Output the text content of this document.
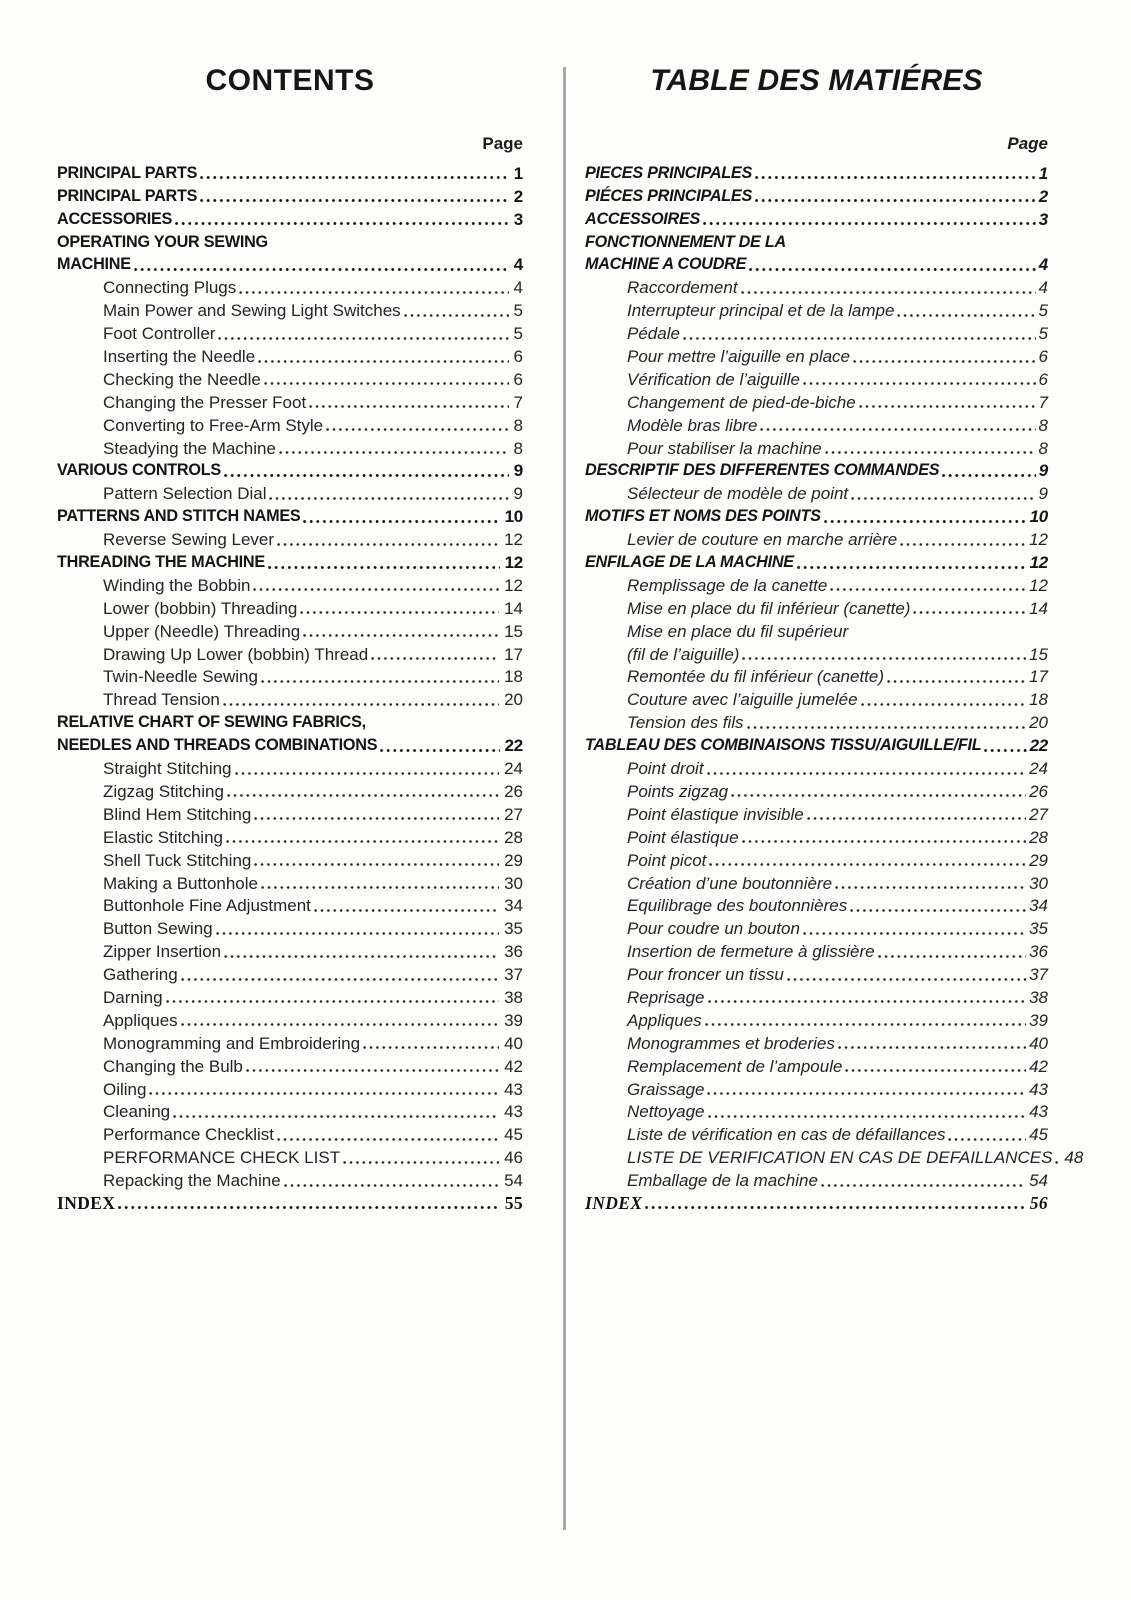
CONTENTS
Page
PRINCIPAL PARTS	1
PRINCIPAL PARTS	2
ACCESSORIES	3
OPERATING YOUR SEWING
MACHINE	4
Connecting Plugs	4
Main Power and Sewing Light Switches	5
Foot Controller	5
Inserting the Needle	6
Checking the Needle	6
Changing the Presser Foot	7
Converting to Free-Arm Style	8
Steadying the Machine	8
VARIOUS CONTROLS	9
Pattern Selection Dial	9
PATTERNS AND STITCH NAMES	10
Reverse Sewing Lever	12
THREADING THE MACHINE	12
Winding the Bobbin	12
Lower (bobbin) Threading	14
Upper (Needle) Threading	15
Drawing Up Lower (bobbin) Thread	17
Twin-Needle Sewing	18
Thread Tension	20
RELATIVE CHART OF SEWING FABRICS,
NEEDLES AND THREADS COMBINATIONS	22
Straight Stitching	24
Zigzag Stitching	26
Blind Hem Stitching	27
Elastic Stitching	28
Shell Tuck Stitching	29
Making a Buttonhole	30
Buttonhole Fine Adjustment	34
Button Sewing	35
Zipper Insertion	36
Gathering	37
Darning	38
Appliques	39
Monogramming and Embroidering	40
Changing the Bulb	42
Oiling	43
Cleaning	43
Performance Checklist	45
PERFORMANCE CHECK LIST	46
Repacking the Machine	54
INDEX	55
TABLE DES MATIÉRES
Page
PIECES PRINCIPALES	1
PIÉCES PRINCIPALES	2
ACCESSOIRES	3
FONCTIONNEMENT DE LA
MACHINE A COUDRE	4
Raccordement	4
Interrupteur principal et de la lampe	5
Pédale	5
Pour mettre l’aiguille en place	6
Vérification de l’aiguille	6
Changement de pied-de-biche	7
Modèle bras libre	8
Pour stabiliser la machine	8
DESCRIPTIF DES DIFFERENTES COMMANDES	9
Sélecteur de modèle de point	9
MOTIFS ET NOMS DES POINTS	10
Levier de couture en marche arrière	12
ENFILAGE DE LA MACHINE	12
Remplissage de la canette	12
Mise en place du fil inférieur (canette)	14
Mise en place du fil supérieur
(fil de l’aiguille)	15
Remontée du fil inférieur (canette)	17
Couture avec l’aiguille jumelée	18
Tension des fils	20
TABLEAU DES COMBINAISONS TISSU/AIGUILLE/FIL	22
Point droit	24
Points zigzag	26
Point élastique invisible	27
Point élastique	28
Point picot	29
Création d’une boutonnière	30
Equilibrage des boutonnières	34
Pour coudre un bouton	35
Insertion de fermeture à glissière	36
Pour froncer un tissu	37
Reprisage	38
Appliques	39
Monogrammes et broderies	40
Remplacement de l’ampoule	42
Graissage	43
Nettoyage	43
Liste de vérification en cas de défaillances	45
LISTE DE VERIFICATION EN CAS DE DEFAILLANCES 48
Emballage de la machine	54
INDEX	56
